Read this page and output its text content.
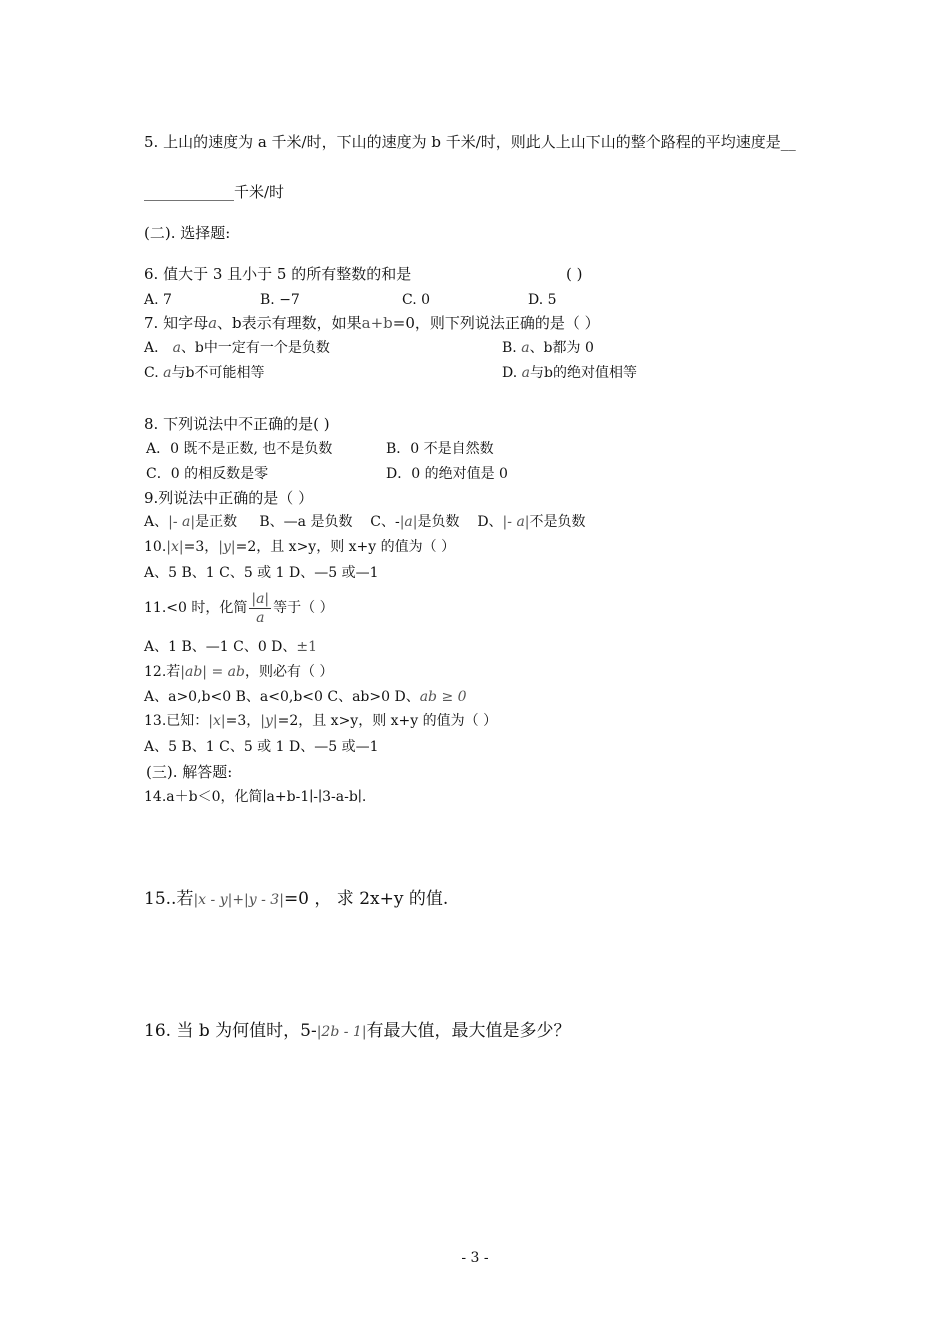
5. 上山的速度为 a 千米/时，下山的速度为 b 千米/时，则此人上山下山的整个路程的平均速度是__
____________千米/时
(二). 选择题:
6. 值大于 3 且小于 5 的所有整数的和是	( )
A. 7	B. −7	C. 0	D. 5
7. 知字母a、b表示有理数，如果a+b=0，则下列说法正确的是（ ）
A． a、b中一定有一个是负数	B. a、b都为 0
C. a与b不可能相等	D. a与b的绝对值相等
8. 下列说法中不正确的是( )
A．0 既不是正数, 也不是负数	B．0 不是自然数
C．0 的相反数是零	D．0 的绝对值是 0
9.列说法中正确的是（ ）
A、|- a|是正数 B、—a 是负数 C、-|a|是负数 D、|- a|不是负数
10.|x|=3，|y|=2，且 x>y，则 x+y 的值为（ ）
A、5 B、1 C、5 或 1 D、—5 或—1
11.<0 时，化简 $\frac{|a|}{a}$ 等于（ ）
A、1 B、—1 C、0 D、±1
12.若|ab| = ab，则必有（ ）
A、a>0,b<0 B、a<0,b<0 C、ab>0 D、ab ≥ 0
13.已知：|x|=3，|y|=2，且 x>y，则 x+y 的值为（ ）
A、5 B、1 C、5 或 1 D、—5 或—1
(三). 解答题:
14.a＋b＜0，化简∣a+b-1∣-∣3-a-b∣.
15..若|x - y|+|y - 3|=0 ， 求 2x+y 的值.
16. 当 b 为何值时，5-|2b - 1|有最大值，最大值是多少？
- 3 -
